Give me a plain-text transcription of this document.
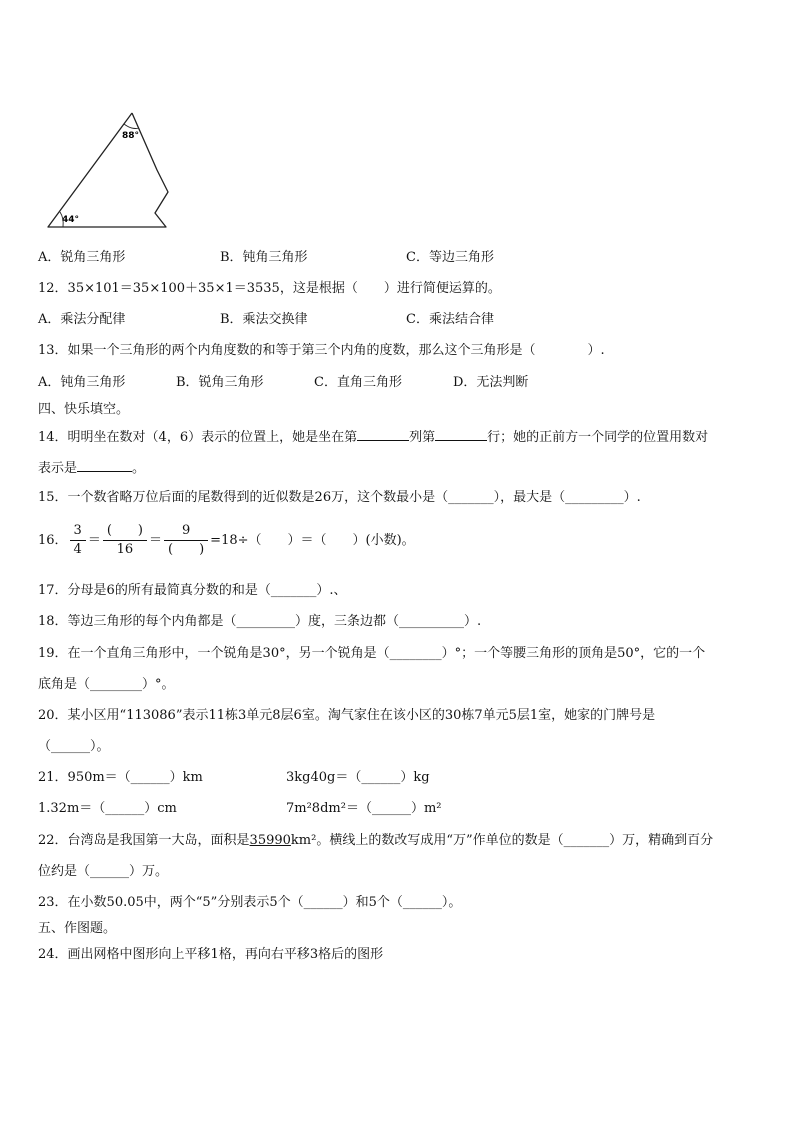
88°
44°
A．锐角三角形	B．钝角三角形	C．等边三角形
12．35×101＝35×100＋35×1＝3535，这是根据（　　）进行简便运算的。
A．乘法分配律	B．乘法交换律	C．乘法结合律
13．如果一个三角形的两个内角度数的和等于第三个内角的度数，那么这个三角形是（　　　　）.
A．钝角三角形	B．锐角三角形	C．直角三角形	D．无法判断
四、快乐填空。
14．明明坐在数对（4，6）表示的位置上，她是坐在第	列第	行；她的正前方一个同学的位置用数对
表示是	。
15．一个数省略万位后面的尾数得到的近似数是26万，这个数最小是（_______），最大是（_________）.
16． $\frac{3}{4} = \frac{( )}{16} = \frac{9}{( )} =18\div$（　　）＝（　　）(小数)。
17．分母是6的所有最简真分数的和是（_______）.、
18．等边三角形的每个内角都是（_________）度，三条边都（__________）.
19．在一个直角三角形中，一个锐角是30°，另一个锐角是（________）°；一个等腰三角形的顶角是50°，它的一个
底角是（________）°。
20．某小区用“113086”表示11栋3单元8层6室。淘气家住在该小区的30栋7单元5层1室，她家的门牌号是
（______）。
21．950m＝（______）km	3kg40g＝（______）kg
1.32m＝（______）cm	7m²8dm²＝（______）m²
22．台湾岛是我国第一大岛，面积是35990km²。横线上的数改写成用“万”作单位的数是（_______）万，精确到百分
位约是（______）万。
23．在小数50.05中，两个“5”分别表示5个（______）和5个（______）。
五、作图题。
24．画出网格中图形向上平移1格，再向右平移3格后的图形
